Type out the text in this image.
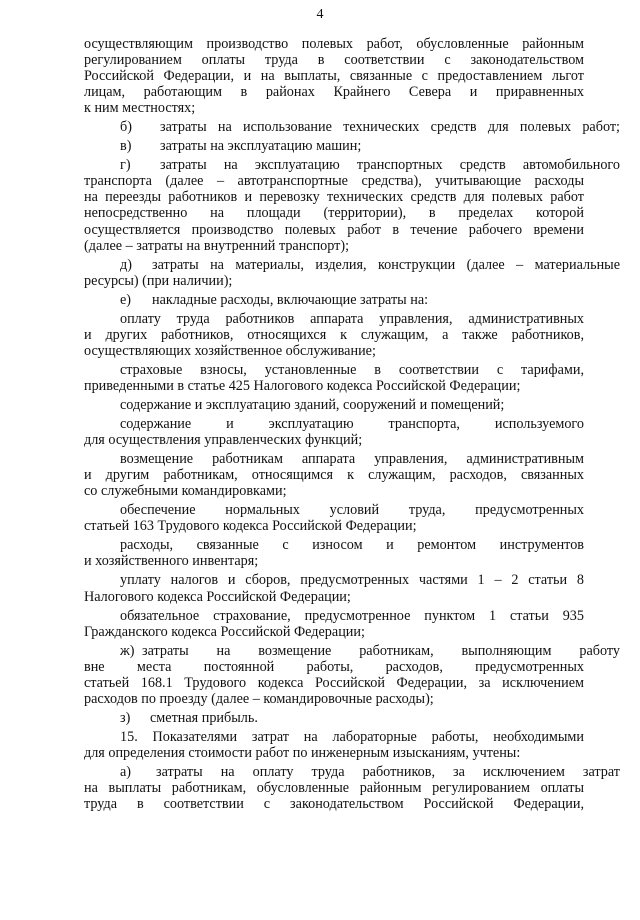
4
осуществляющим производство полевых работ, обусловленные районным
регулированием оплаты труда в соответствии с законодательством
Российской Федерации, и на выплаты, связанные с предоставлением льгот
лицам, работающим в районах Крайнего Севера и приравненных
к ним местностях;
б)	затраты на использование технических средств для полевых работ;
в)	затраты на эксплуатацию машин;
г)	затраты на эксплуатацию транспортных средств автомобильного
транспорта (далее – автотранспортные средства), учитывающие расходы
на переезды работников и перевозку технических средств для полевых работ
непосредственно на площади (территории), в пределах которой
осуществляется производство полевых работ в течение рабочего времени
(далее – затраты на внутренний транспорт);
д)	затраты на материалы, изделия, конструкции (далее – материальные
ресурсы) (при наличии);
е)	накладные расходы, включающие затраты на:
оплату труда работников аппарата управления, административных
и других работников, относящихся к служащим, а также работников,
осуществляющих хозяйственное обслуживание;
страховые взносы, установленные в соответствии с тарифами,
приведенными в статье 425 Налогового кодекса Российской Федерации;
содержание и эксплуатацию зданий, сооружений и помещений;
содержание и эксплуатацию транспорта, используемого
для осуществления управленческих функций;
возмещение работникам аппарата управления, административным
и другим работникам, относящимся к служащим, расходов, связанных
со служебными командировками;
обеспечение нормальных условий труда, предусмотренных
статьей 163 Трудового кодекса Российской Федерации;
расходы, связанные с износом и ремонтом инструментов
и хозяйственного инвентаря;
уплату налогов и сборов, предусмотренных частями 1 – 2 статьи 8
Налогового кодекса Российской Федерации;
обязательное страхование, предусмотренное пунктом 1 статьи 935
Гражданского кодекса Российской Федерации;
ж) затраты на возмещение работникам, выполняющим работу
вне места постоянной работы, расходов, предусмотренных
статьей 168.1 Трудового кодекса Российской Федерации, за исключением
расходов по проезду (далее – командировочные расходы);
з)	сметная прибыль.
15. Показателями затрат на лабораторные работы, необходимыми
для определения стоимости работ по инженерным изысканиям, учтены:
а)	затраты на оплату труда работников, за исключением затрат
на выплаты работникам, обусловленные районным регулированием оплаты
труда в соответствии с законодательством Российской Федерации,
